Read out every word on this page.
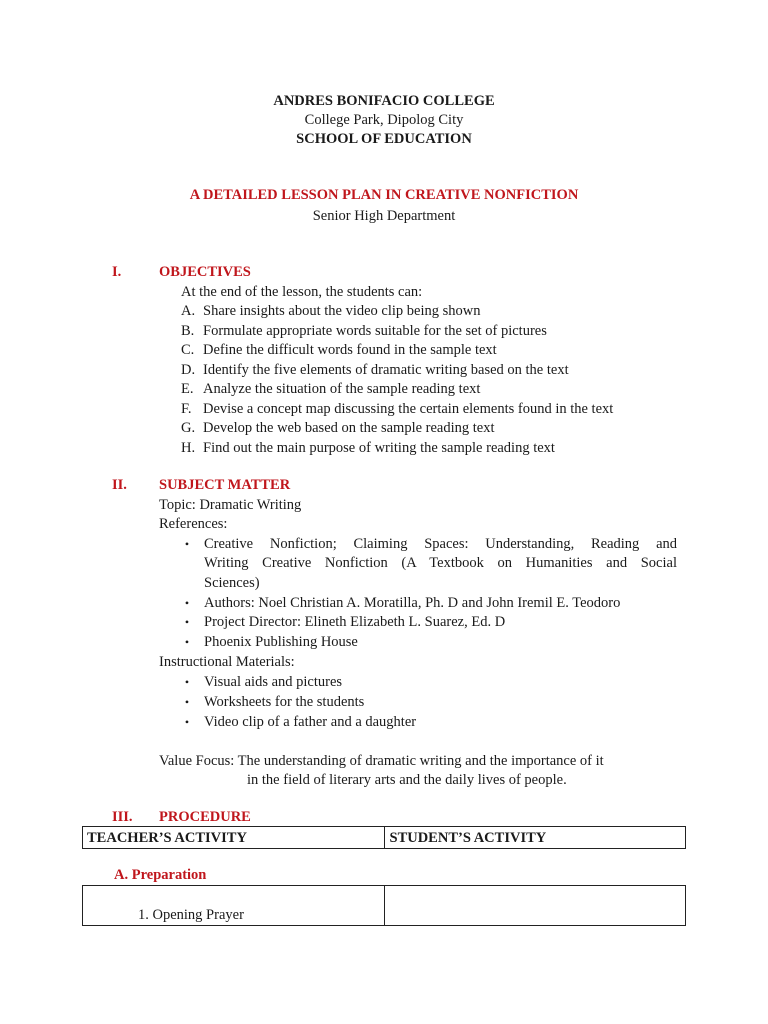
ANDRES BONIFACIO COLLEGE
College Park, Dipolog City
SCHOOL OF EDUCATION
A DETAILED LESSON PLAN IN CREATIVE NONFICTION
Senior High Department
I.	OBJECTIVES
At the end of the lesson, the students can:
A. Share insights about the video clip being shown
B. Formulate appropriate words suitable for the set of pictures
C. Define the difficult words found in the sample text
D. Identify the five elements of dramatic writing based on the text
E. Analyze the situation of the sample reading text
F. Devise a concept map discussing the certain elements found in the text
G. Develop the web based on the sample reading text
H. Find out the main purpose of writing the sample reading text
II. SUBJECT MATTER
Topic: Dramatic Writing
References:
• Creative Nonfiction; Claiming Spaces: Understanding, Reading and
Writing Creative Nonfiction (A Textbook on Humanities and Social
Sciences)
• Authors: Noel Christian A. Moratilla, Ph. D and John Iremil E. Teodoro
• Project Director: Elineth Elizabeth L. Suarez, Ed. D
• Phoenix Publishing House
Instructional Materials:
• Visual aids and pictures
• Worksheets for the students
• Video clip of a father and a daughter
Value Focus: The understanding of dramatic writing and the importance of it
in the field of literary arts and the daily lives of people.
III. PROCEDURE
TEACHER’S ACTIVITY	STUDENT’S ACTIVITY
A. Preparation
1. Opening Prayer
